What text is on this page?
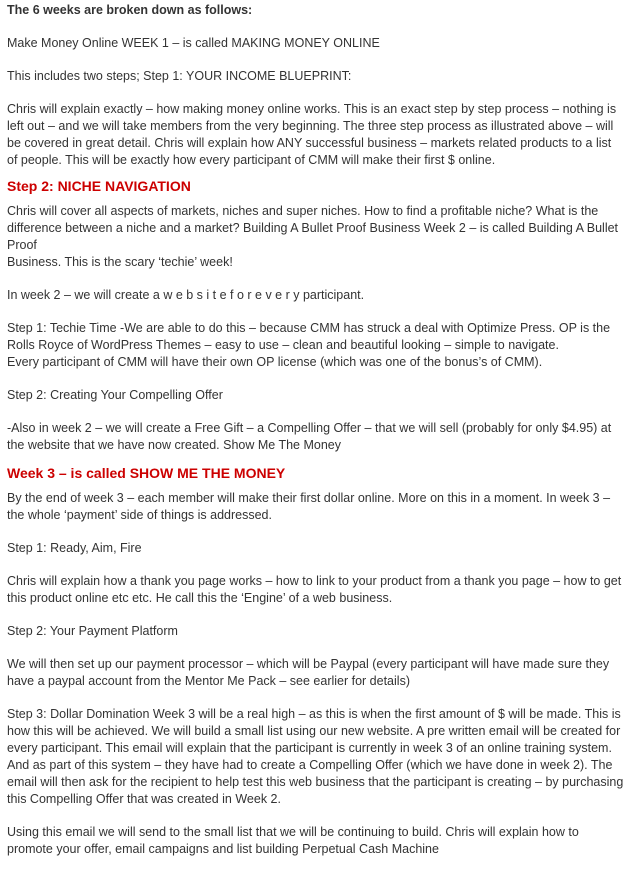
The 6 weeks are broken down as follows:

Make Money Online WEEK 1 – is called MAKING MONEY ONLINE

This includes two steps; Step 1: YOUR INCOME BLUEPRINT:

Chris will explain exactly – how making money online works. This is an exact step by step process – nothing is left out – and we will take members from the very beginning. The three step process as illustrated above – will be covered in great detail. Chris will explain how ANY successful business – markets related products to a list of people. This will be exactly how every participant of CMM will make their first $ online.

Step 2: NICHE NAVIGATION

Chris will cover all aspects of markets, niches and super niches. How to find a profitable niche? What is the difference between a niche and a market? Building A Bullet Proof Business Week 2 – is called Building A Bullet Proof

Business. This is the scary ‘techie’ week!

In week 2 – we will create a w e b s i t e f o r e v e r y participant.

Step 1: Techie Time -We are able to do this – because CMM has struck a deal with Optimize Press. OP is the Rolls Royce of WordPress Themes – easy to use – clean and beautiful looking – simple to navigate.

Every participant of CMM will have their own OP license (which was one of the bonus’s of CMM).

Step 2: Creating Your Compelling Offer

-Also in week 2 – we will create a Free Gift – a Compelling Offer – that we will sell (probably for only $4.95) at the website that we have now created. Show Me The Money

Week 3 – is called SHOW ME THE MONEY

By the end of week 3 – each member will make their first dollar online. More on this in a moment. In week 3 – the whole ‘payment’ side of things is addressed.

Step 1: Ready, Aim, Fire

Chris will explain how a thank you page works – how to link to your product from a thank you page – how to get this product online etc etc. He call this the ‘Engine’ of a web business.

Step 2: Your Payment Platform

We will then set up our payment processor – which will be Paypal (every participant will have made sure they have a paypal account from the Mentor Me Pack – see earlier for details)

Step 3: Dollar Domination Week 3 will be a real high – as this is when the first amount of $ will be made. This is how this will be achieved. We will build a small list using our new website. A pre written email will be created for every participant. This email will explain that the participant is currently in week 3 of an online training system. And as part of this system – they have had to create a Compelling Offer (which we have done in week 2). The email will then ask for the recipient to help test this web business that the participant is creating – by purchasing this Compelling Offer that was created in Week 2.

Using this email we will send to the small list that we will be continuing to build. Chris will explain how to promote your offer, email campaigns and list building Perpetual Cash Machine
